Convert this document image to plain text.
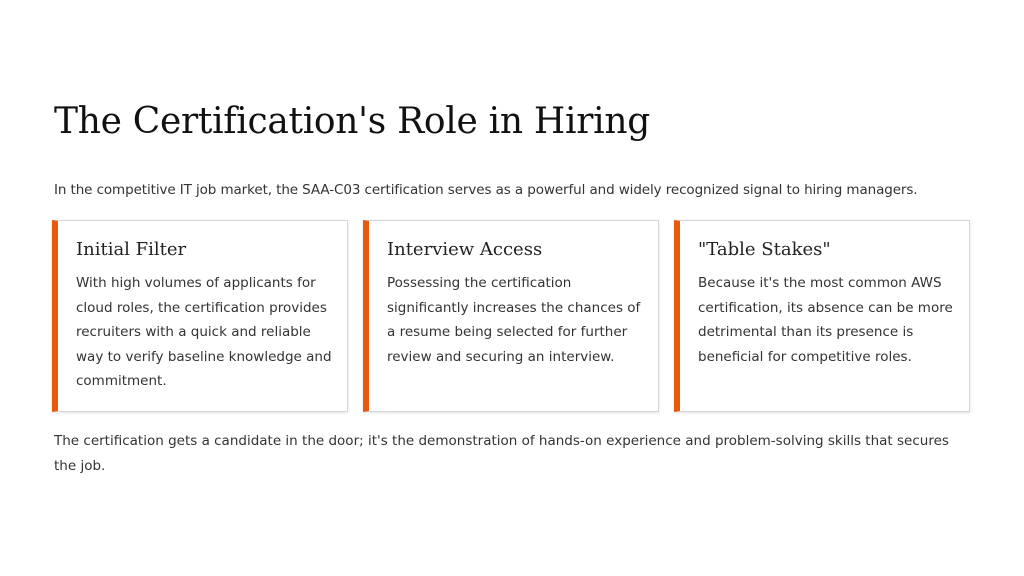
The Certification's Role in Hiring

In the competitive IT job market, the SAA-C03 certification serves as a powerful and widely recognized signal to hiring managers.

Initial Filter

With high volumes of applicants for cloud roles, the certification provides recruiters with a quick and reliable way to verify baseline knowledge and commitment.

Interview Access

Possessing the certification significantly increases the chances of a resume being selected for further review and securing an interview.

"Table Stakes"

Because it's the most common AWS certification, its absence can be more detrimental than its presence is beneficial for competitive roles.

The certification gets a candidate in the door; it's the demonstration of hands-on experience and problem-solving skills that secures the job.
